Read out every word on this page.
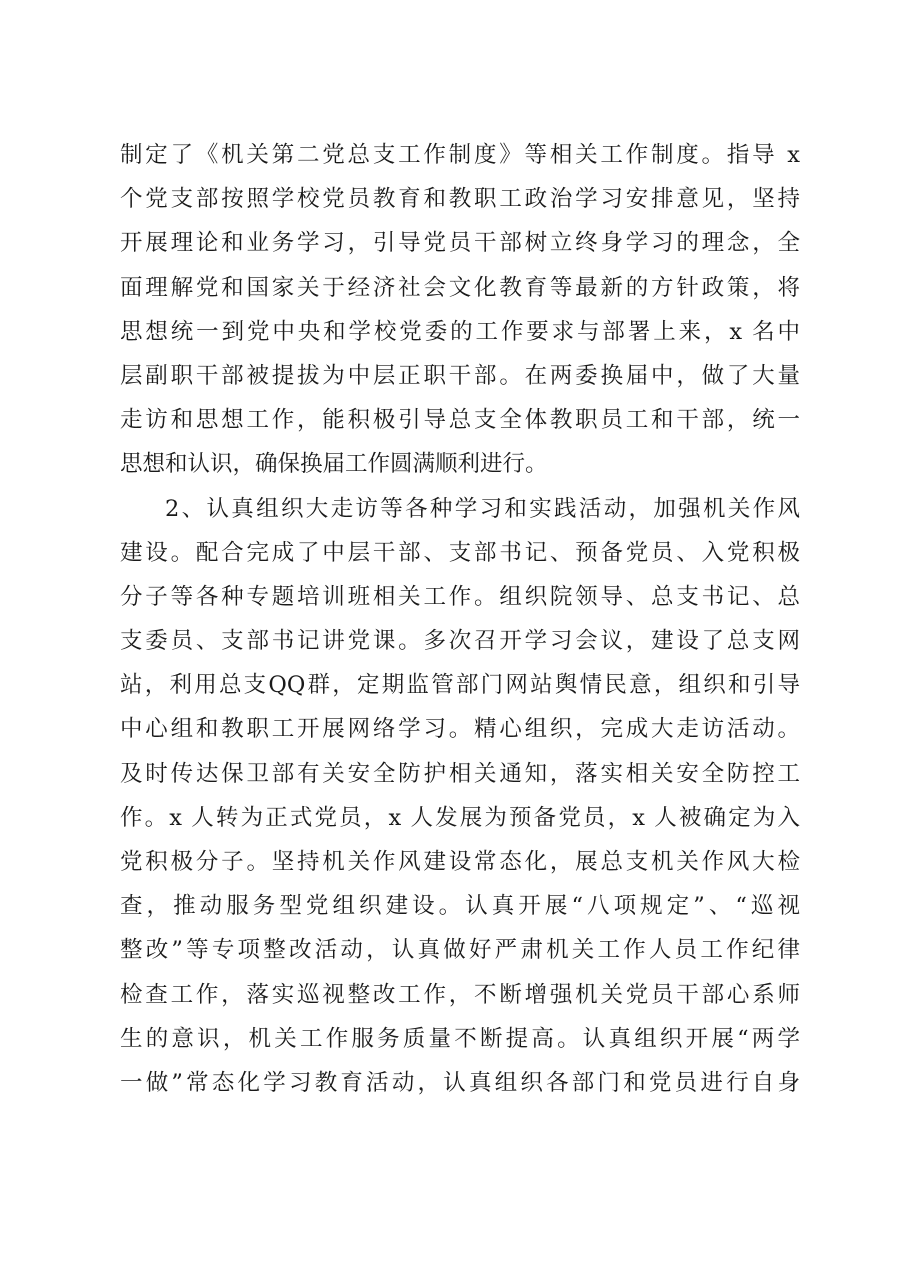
制定了《机关第二党总支工作制度》等相关工作制度。指导 x
个党支部按照学校党员教育和教职工政治学习安排意见，坚持
开展理论和业务学习，引导党员干部树立终身学习的理念，全
面理解党和国家关于经济社会文化教育等最新的方针政策，将
思想统一到党中央和学校党委的工作要求与部署上来，x 名中
层副职干部被提拔为中层正职干部。在两委换届中，做了大量
走访和思想工作，能积极引导总支全体教职员工和干部，统一
思想和认识，确保换届工作圆满顺利进行。
2、认真组织大走访等各种学习和实践活动，加强机关作风
建设。配合完成了中层干部、支部书记、预备党员、入党积极
分子等各种专题培训班相关工作。组织院领导、总支书记、总
支委员、支部书记讲党课。多次召开学习会议，建设了总支网
站，利用总支QQ群，定期监管部门网站舆情民意，组织和引导
中心组和教职工开展网络学习。精心组织，完成大走访活动。
及时传达保卫部有关安全防护相关通知，落实相关安全防控工
作。x 人转为正式党员，x 人发展为预备党员，x 人被确定为入
党积极分子。坚持机关作风建设常态化，展总支机关作风大检
查，推动服务型党组织建设。认真开展“八项规定”、“巡视
整改”等专项整改活动，认真做好严肃机关工作人员工作纪律
检查工作，落实巡视整改工作，不断增强机关党员干部心系师
生的意识，机关工作服务质量不断提高。认真组织开展“两学
一做”常态化学习教育活动，认真组织各部门和党员进行自身
